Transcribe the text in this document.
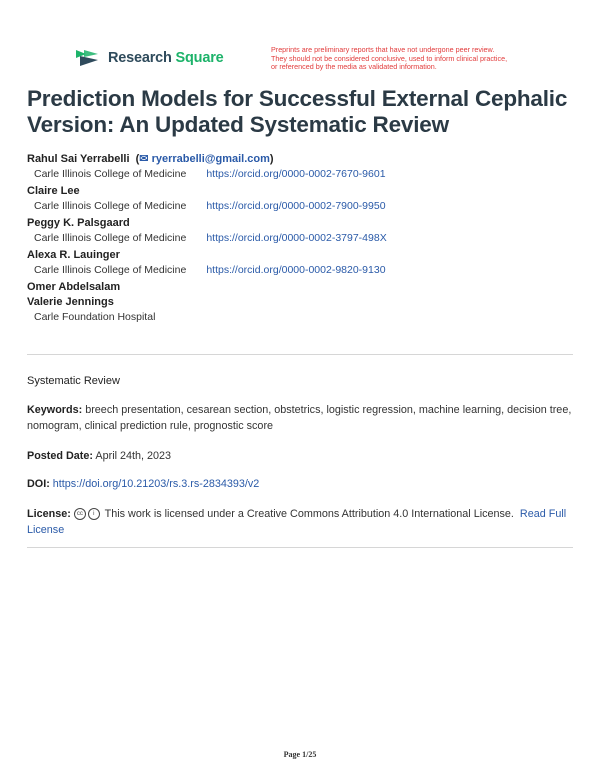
Research Square
Preprints are preliminary reports that have not undergone peer review.
They should not be considered conclusive, used to inform clinical practice,
or referenced by the media as validated information.
Prediction Models for Successful External Cephalic Version: An Updated Systematic Review
Rahul Sai Yerrabelli  (✉ ryerrabelli@gmail.com)
Carle Illinois College of Medicine https://orcid.org/0000-0002-7670-9601
Claire Lee
Carle Illinois College of Medicine https://orcid.org/0000-0002-7900-9950
Peggy K. Palsgaard
Carle Illinois College of Medicine https://orcid.org/0000-0002-3797-498X
Alexa R. Lauinger
Carle Illinois College of Medicine https://orcid.org/0000-0002-9820-9130
Omer Abdelsalam
Valerie Jennings
Carle Foundation Hospital
Systematic Review
Keywords: breech presentation, cesarean section, obstetrics, logistic regression, machine learning, decision tree, nomogram, clinical prediction rule, prognostic score
Posted Date: April 24th, 2023
DOI: https://doi.org/10.21203/rs.3.rs-2834393/v2
License: cc i This work is licensed under a Creative Commons Attribution 4.0 International License. Read Full License
Page 1/25
